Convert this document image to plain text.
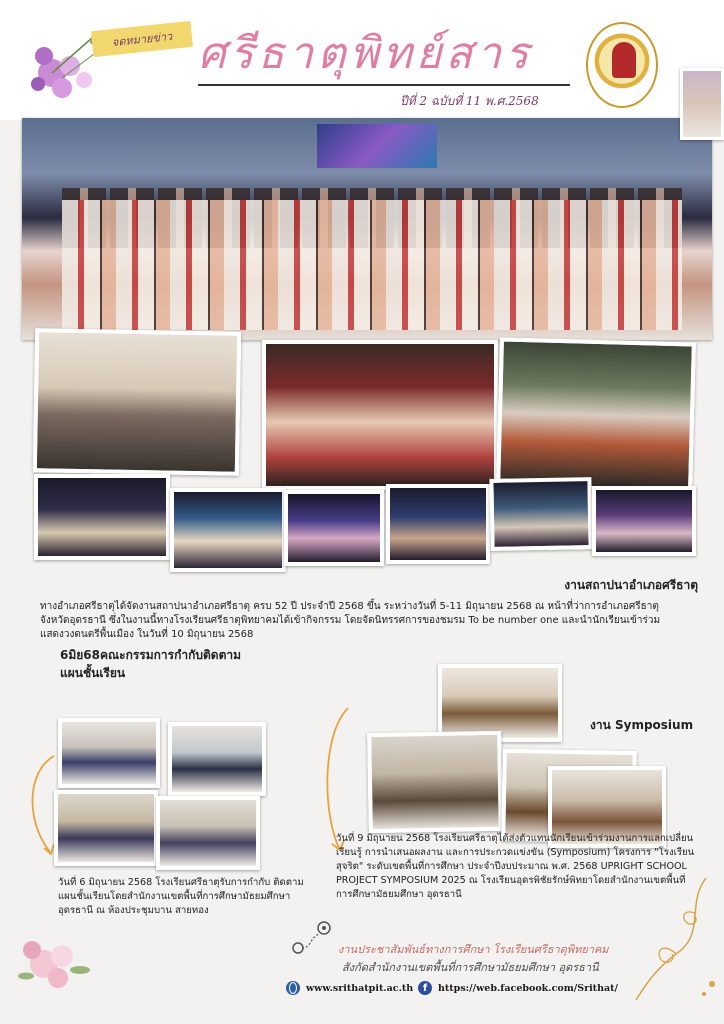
จดหมายข่าว ศรีธาตุพิทย์สาร
ปีที่ 2 ฉบับที่ 11 พ.ศ.2568
งานสถาปนาอำเภอศรีธาตุ
ทางอำเภอศรีธาตุได้จัดงานสถาปนาอำเภอศรีธาตุ ครบ 52 ปี ประจำปี 2568 ขึ้น ระหว่างวันที่ 5-11 มิถุนายน 2568 ณ หน้าที่ว่าการอำเภอศรีธาตุ จังหวัดอุดรธานี ซึ่งในงานนี้ทางโรงเรียนศรีธาตุพิทยาคมได้เข้ากิจกรรม โดยจัดนิทรรศการของชมรม To be number one และนำนักเรียนเข้าร่วมแสดงวงดนตรีพื้นเมือง ในวันที่ 10 มิถุนายน 2568
6มิย68คณะกรรมการกำกับติดตามแผนชั้นเรียน
วันที่ 6 มิถุนายน 2568 โรงเรียนศรีธาตุรับการกำกับ ติดตามแผนชั้นเรียนโดยสำนักงานเขตพื้นที่การศึกษามัธยมศึกษาอุดรธานี ณ ห้องประชุมบาน สายทอง
งาน Symposium
วันที่ 9 มิถุนายน 2568 โรงเรียนศรีธาตุได้ส่งตัวแทนนักเรียนเข้าร่วมงานการแลกเปลี่ยนเรียนรู้ การนำเสนอผลงาน และการประกวดแข่งขัน (Symposium) โครงการ "โรงเรียนสุจริต" ระดับเขตพื้นที่การศึกษา ประจำปีงบประมาณ พ.ศ. 2568 UPRIGHT SCHOOL PROJECT SYMPOSIUM 2025 ณ โรงเรียนอุดรพิชัยรักษ์พิทยาโดยสำนักงานเขตพื้นที่การศึกษามัธยมศึกษา อุดรธานี
งานประชาสัมพันธ์ทางการศึกษา โรงเรียนศรีธาตุพิทยาคม
สังกัดสำนักงานเขตพื้นที่การศึกษามัธยมศึกษา อุดรธานี
www.srithatpit.ac.th f	https://web.facebook.com/Srithat/
